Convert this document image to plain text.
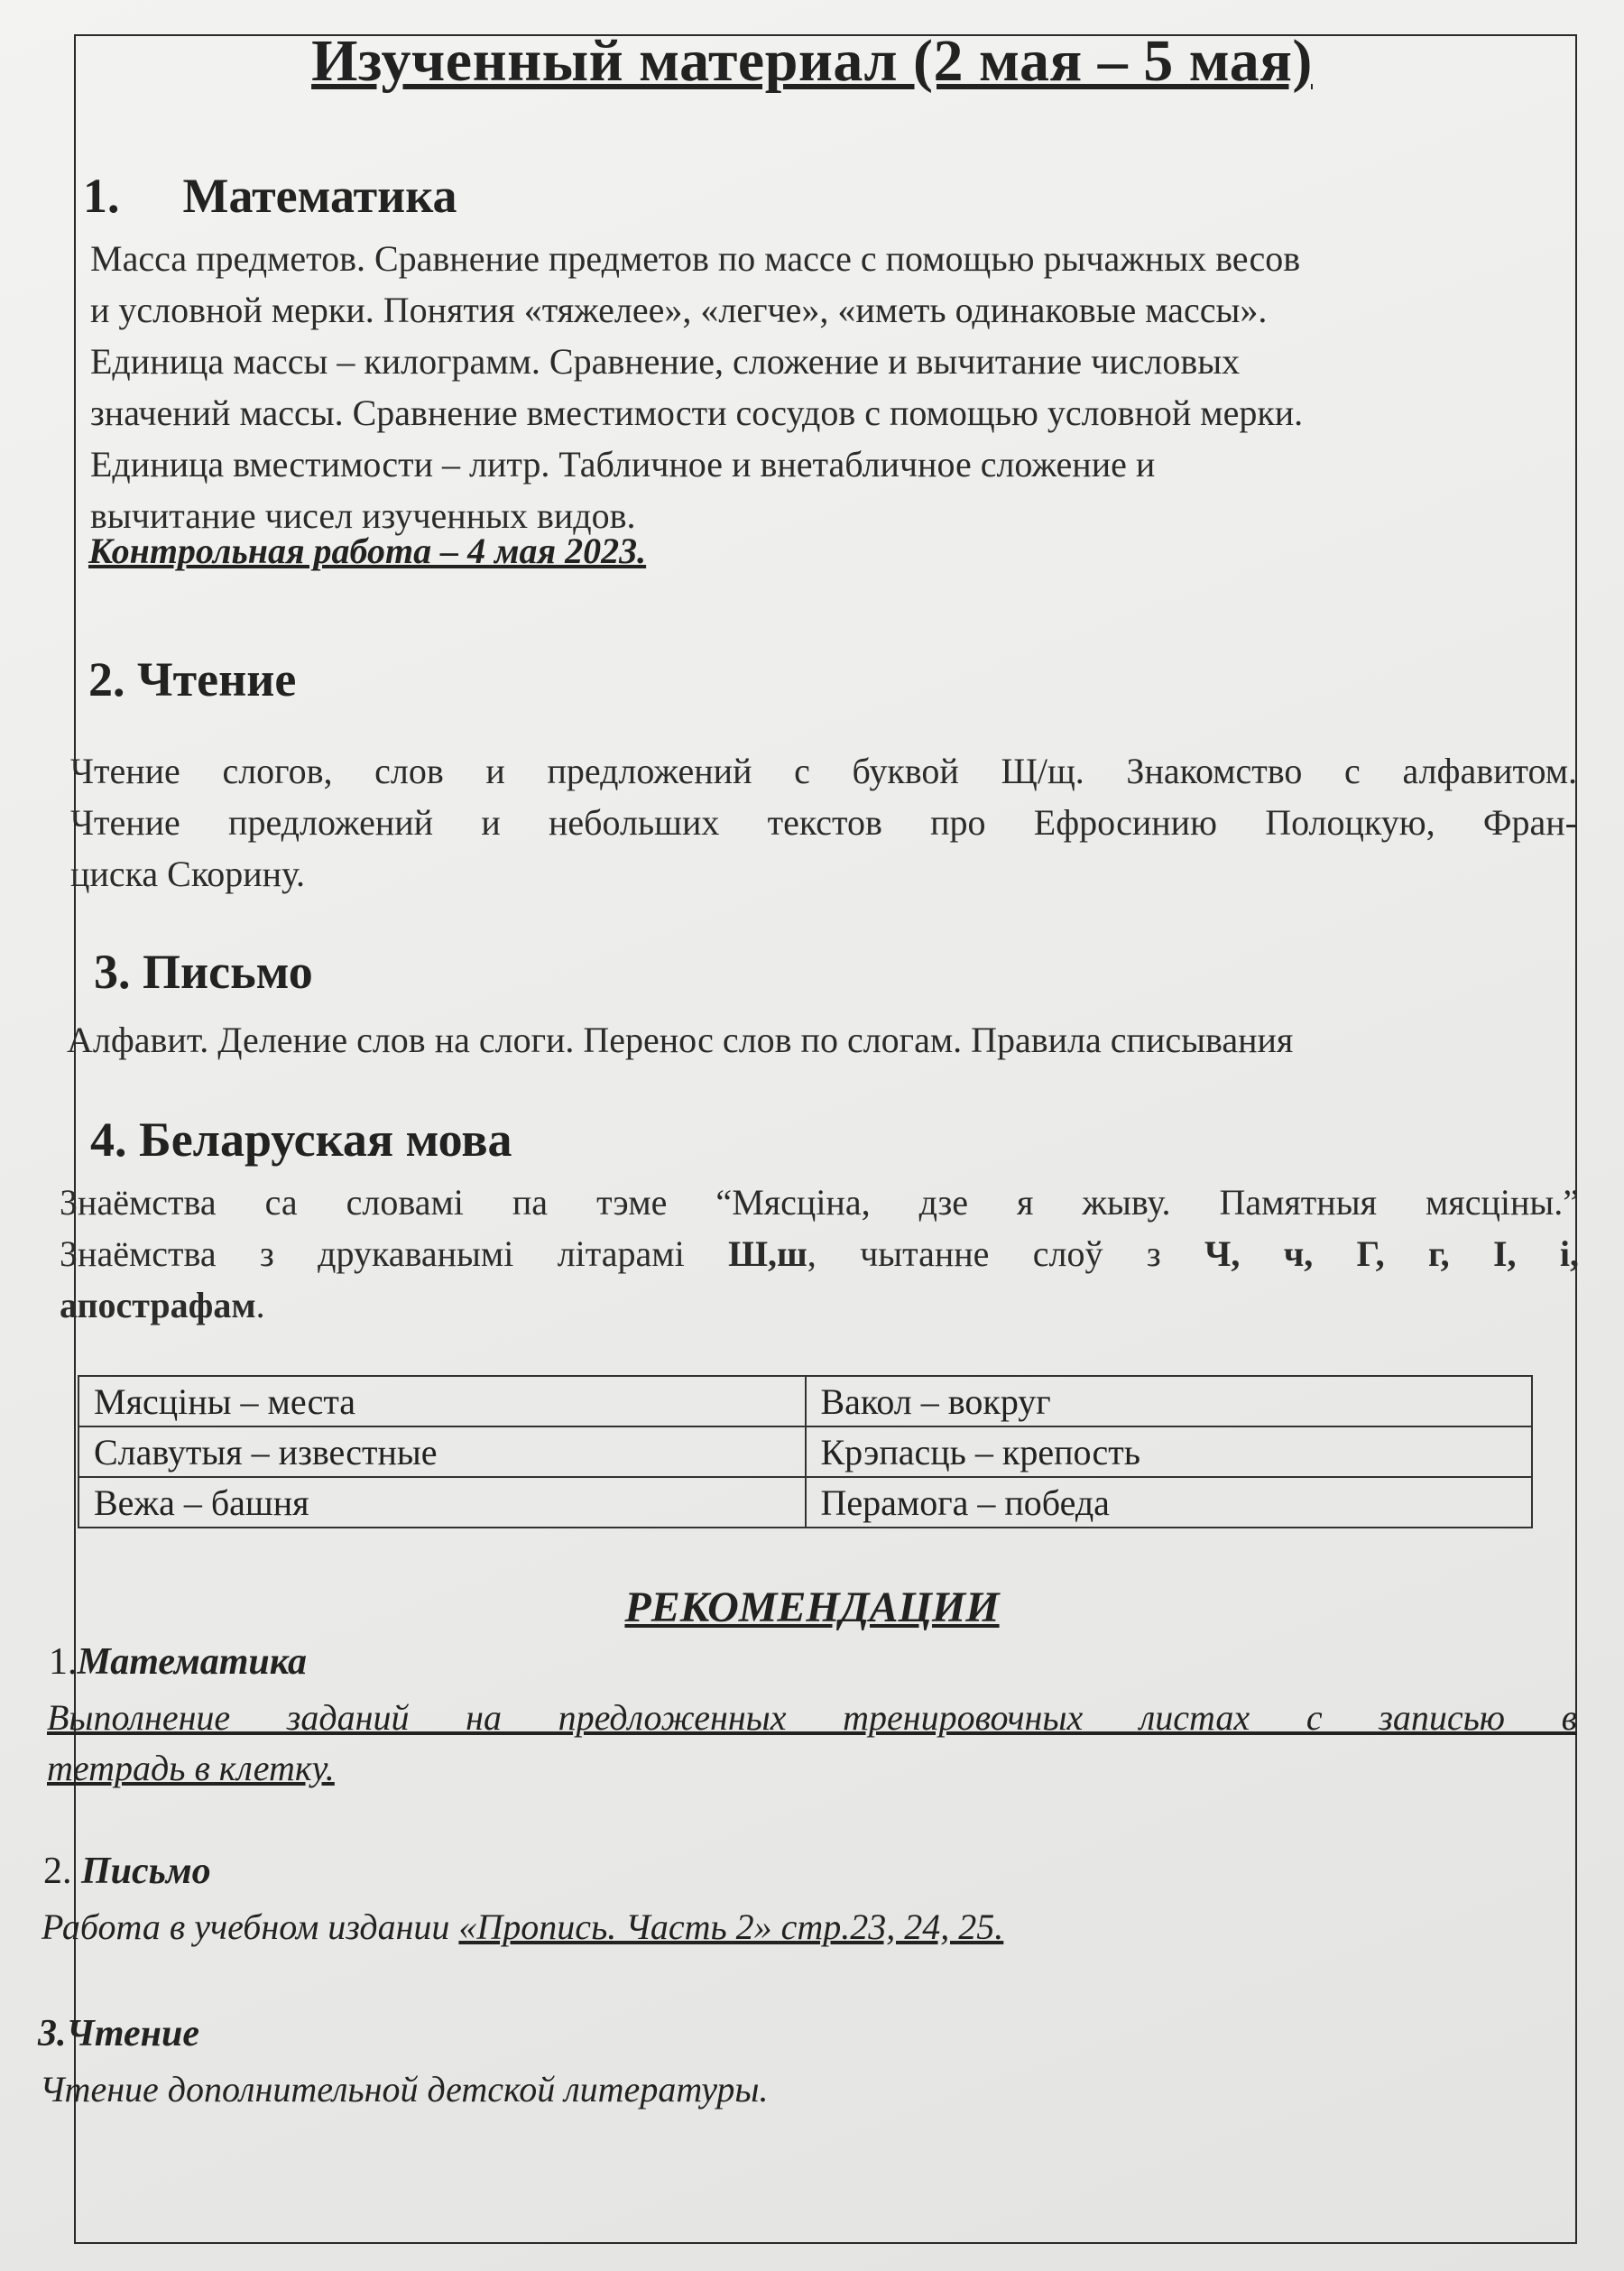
Изученный материал (2 мая – 5 мая)
1. Математика
Масса предметов. Сравнение предметов по массе с помощью рычажных весов
и условной мерки. Понятия «тяжелее», «легче», «иметь одинаковые массы».
Единица массы – килограмм. Сравнение, сложение и вычитание числовых
значений массы. Сравнение вместимости сосудов с помощью условной мерки.
Единица вместимости – литр. Табличное и внетабличное сложение и
вычитание чисел изученных видов.
Контрольная работа – 4 мая 2023.
2. Чтение
Чтение слогов, слов и предложений с буквой Щ/щ. Знакомство с алфавитом.
Чтение предложений и небольших текстов про Ефросинию Полоцкую, Фран-
циска Скорину.
3. Письмо
Алфавит. Деление слов на слоги. Перенос слов по слогам. Правила списывания
4. Беларуская мова
Знаёмства са словамі па тэме “Мясціна, дзе я жыву. Памятныя мясціны.”
Знаёмства з друкаванымі літарамі Ш,ш, чытанне слоў з Ч, ч, Г, г, І, і,
апострафам.
Мясціны – места	Вакол – вокруг
Славутыя – известные	Крэпасць – крепость
Вежа – башня	Перамога – победа
РЕКОМЕНДАЦИИ
1.Математика
Выполнение заданий на предложенных тренировочных листах с записью в
тетрадь в клетку.
2. Письмо
Работа в учебном издании «Пропись. Часть 2» стр.23, 24, 25.
3.Чтение
Чтение дополнительной детской литературы.
